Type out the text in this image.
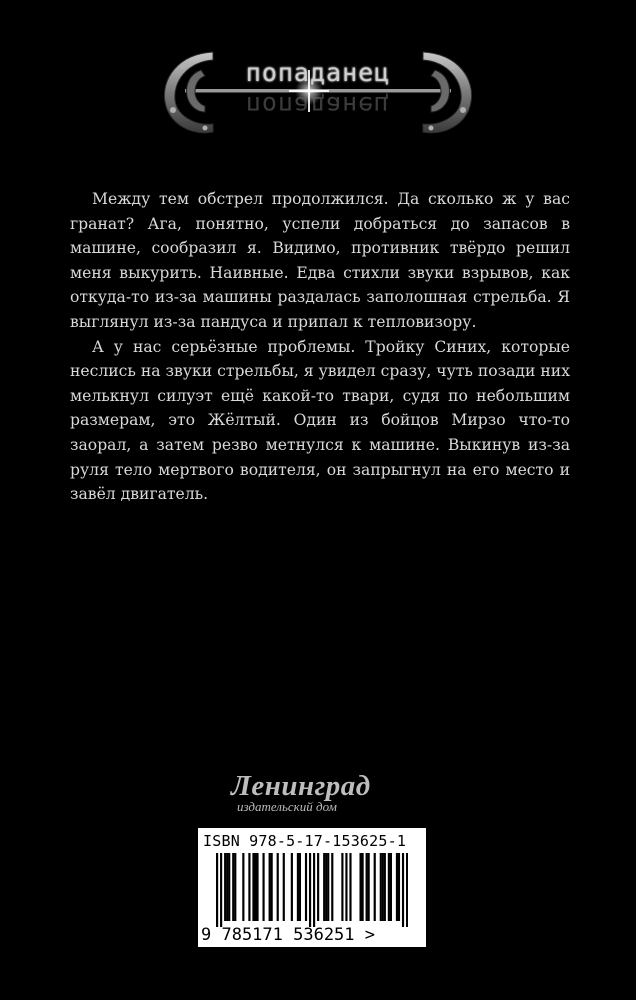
попаданец
попаданец

Между тем обстрел продолжился. Да сколько ж у вас гранат? Ага, понятно, успели добраться до запасов в машине, сообразил я. Видимо, противник твёрдо решил меня выкурить. Наивные. Едва стихли звуки взрывов, как откуда-то из-за машины раздалась заполошная стрельба. Я выглянул из-за пандуса и припал к тепловизору.

А у нас серьёзные проблемы. Тройку Синих, которые неслись на звуки стрельбы, я увидел сразу, чуть позади них мелькнул силуэт ещё какой-то твари, судя по небольшим размерам, это Жёлтый. Один из бойцов Мирзо что-то заорал, а затем резво метнулся к машине. Выкинув из-за руля тело мертвого водителя, он запрыгнул на его место и завёл двигатель.

Ленинград
издательский дом
ISBN 978-5-17-153625-1
9 785171 536251 >
